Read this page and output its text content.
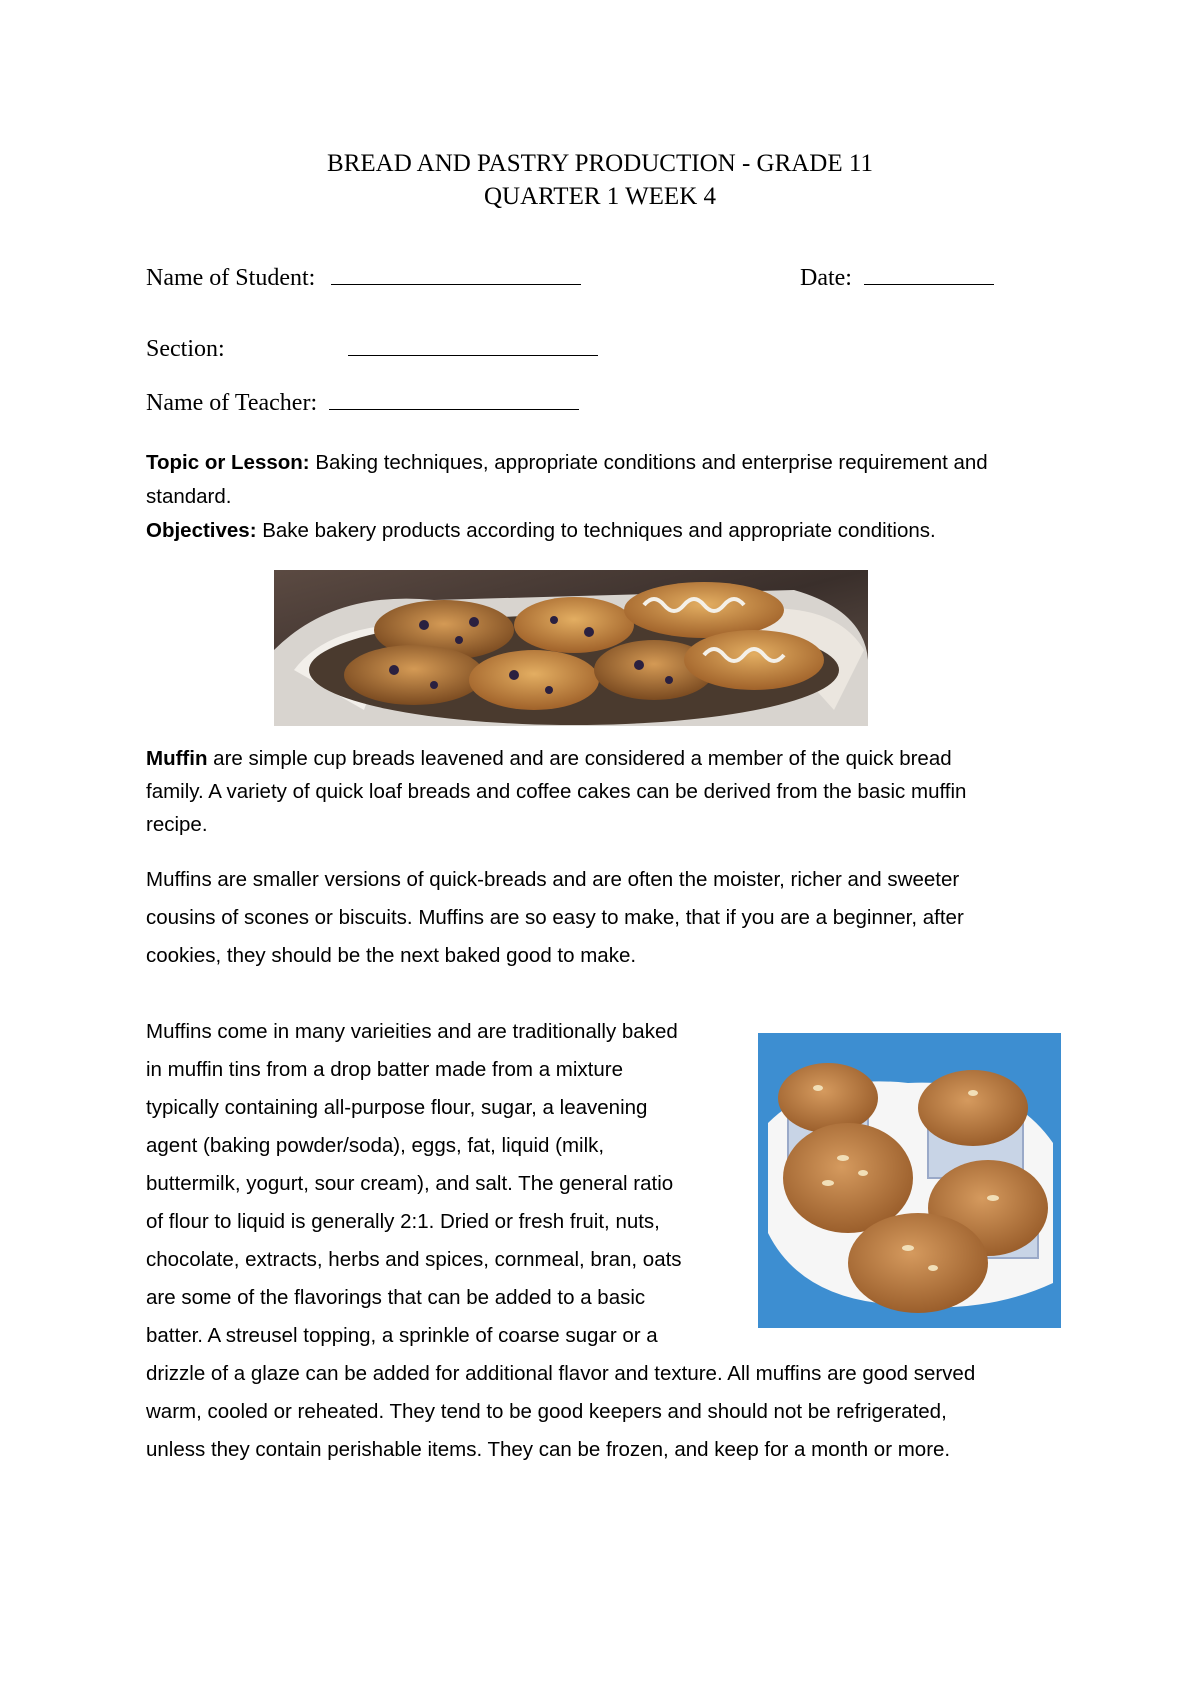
BREAD AND PASTRY PRODUCTION - GRADE 11
QUARTER 1 WEEK 4
Name of Student:	Date:
Section:
Name of Teacher:
Topic or Lesson: Baking techniques, appropriate conditions and enterprise requirement and
standard.
Objectives: Bake bakery products according to techniques and appropriate conditions.
Muffin are simple cup breads leavened and are considered a member of the quick bread
family. A variety of quick loaf breads and coffee cakes can be derived from the basic muffin
recipe.
Muffins are smaller versions of quick-breads and are often the moister, richer and sweeter
cousins of scones or biscuits. Muffins are so easy to make, that if you are a beginner, after
cookies, they should be the next baked good to make.
Muffins come in many varieities and are traditionally baked
in muffin tins from a drop batter made from a mixture
typically containing all-purpose flour, sugar, a leavening
agent (baking powder/soda), eggs, fat, liquid (milk,
buttermilk, yogurt, sour cream), and salt. The general ratio
of flour to liquid is generally 2:1. Dried or fresh fruit, nuts,
chocolate, extracts, herbs and spices, cornmeal, bran, oats
are some of the flavorings that can be added to a basic
batter. A streusel topping, a sprinkle of coarse sugar or a
drizzle of a glaze can be added for additional flavor and texture. All muffins are good served
warm, cooled or reheated. They tend to be good keepers and should not be refrigerated,
unless they contain perishable items. They can be frozen, and keep for a month or more.
